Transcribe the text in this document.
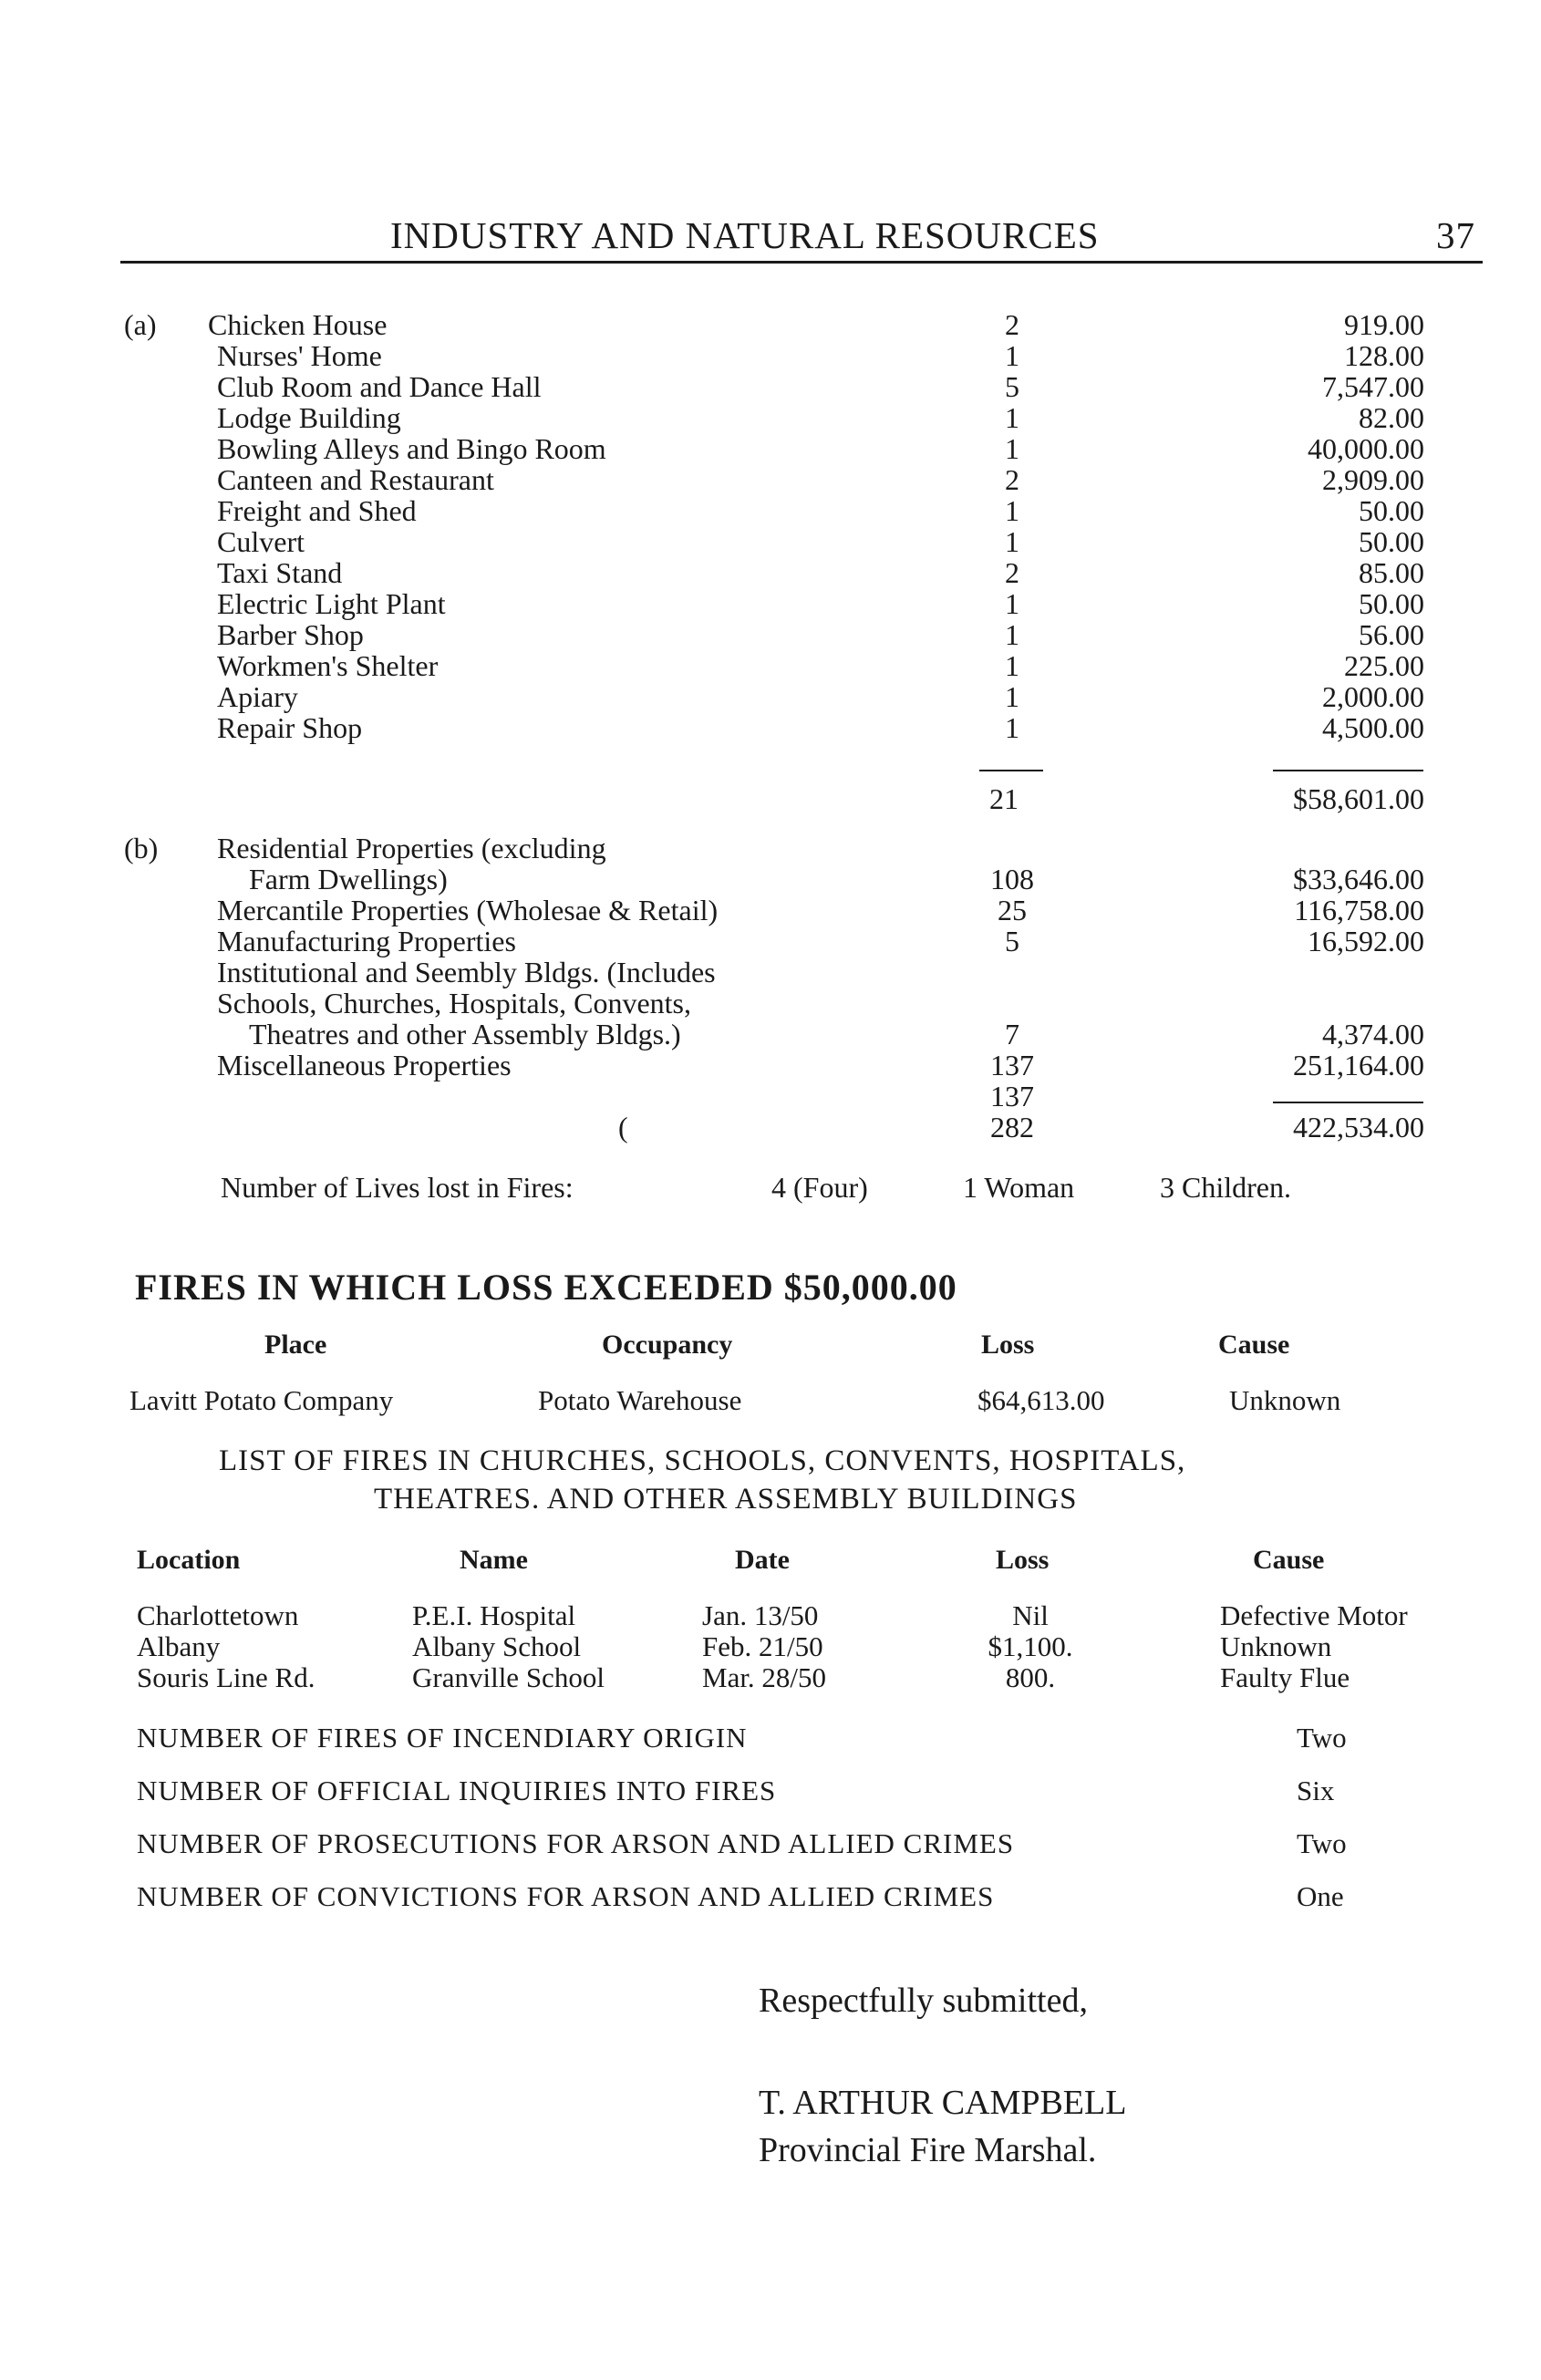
INDUSTRY AND NATURAL RESOURCES	37
(a) Chicken House	2	919.00
Nurses' Home	1	128.00
Club Room and Dance Hall	5	7,547.00
Lodge Building	1	82.00
Bowling Alleys and Bingo Room	1	40,000.00
Canteen and Restaurant	2	2,909.00
Freight and Shed	1	50.00
Culvert	1	50.00
Taxi Stand	2	85.00
Electric Light Plant	1	50.00
Barber Shop	1	56.00
Workmen's Shelter	1	225.00
Apiary	1	2,000.00
Repair Shop	1	4,500.00
21	$58,601.00
(b) Residential Properties (excluding
Farm Dwellings)	108	$33,646.00
Mercantile Properties (Wholesae & Retail)	25	116,758.00
Manufacturing Properties	5	16,592.00
Institutional and Seembly Bldgs. (Includes
Schools, Churches, Hospitals, Convents,
Theatres and other Assembly Bldgs.)	7	4,374.00
Miscellaneous Properties	137	251,164.00
137
(	282	422,534.00
Number of Lives lost in Fires:	4 (Four)	1 Woman	3 Children.
FIRES IN WHICH LOSS EXCEEDED $50,000.00
Place	Occupancy	Loss	Cause
Lavitt Potato Company	Potato Warehouse	$64,613.00	Unknown
LIST OF FIRES IN CHURCHES, SCHOOLS, CONVENTS, HOSPITALS,
THEATRES. AND OTHER ASSEMBLY BUILDINGS
Location	Name	Date	Loss	Cause
Charlottetown	P.E.I. Hospital	Jan. 13/50	Nil	Defective Motor
Albany	Albany School	Feb. 21/50	$1,100.	Unknown
Souris Line Rd.	Granville School	Mar. 28/50	800.	Faulty Flue
NUMBER OF FIRES OF INCENDIARY ORIGIN	Two
NUMBER OF OFFICIAL INQUIRIES INTO FIRES	Six
NUMBER OF PROSECUTIONS FOR ARSON AND ALLIED CRIMES	Two
NUMBER OF CONVICTIONS FOR ARSON AND ALLIED CRIMES	One
Respectfully submitted,
T. ARTHUR CAMPBELL
Provincial Fire Marshal.
